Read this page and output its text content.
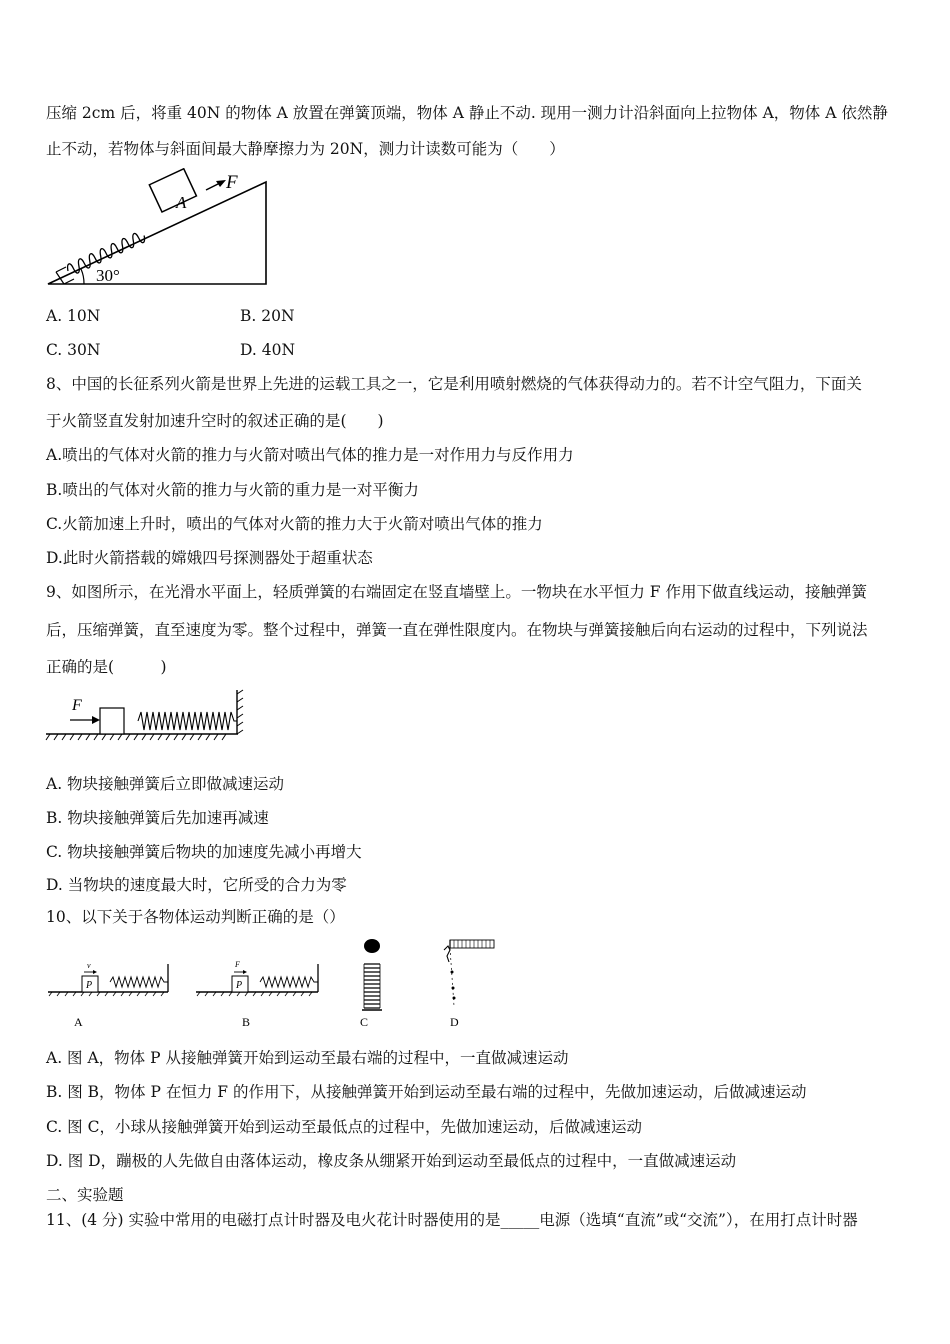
压缩 2cm 后，将重 40N 的物体 A 放置在弹簧顶端，物体 A 静止不动. 现用一测力计沿斜面向上拉物体 A，物体 A 依然静
止不动，若物体与斜面间最大静摩擦力为 20N，测力计读数可能为（　　）
A
F
30°
A. 10N	B. 20N
C. 30N	D. 40N
8、中国的长征系列火箭是世界上先进的运载工具之一，它是利用喷射燃烧的气体获得动力的。若不计空气阻力，下面关
于火箭竖直发射加速升空时的叙述正确的是(　　)
A.喷出的气体对火箭的推力与火箭对喷出气体的推力是一对作用力与反作用力
B.喷出的气体对火箭的推力与火箭的重力是一对平衡力
C.火箭加速上升时，喷出的气体对火箭的推力大于火箭对喷出气体的推力
D.此时火箭搭载的嫦娥四号探测器处于超重状态
9、如图所示，在光滑水平面上，轻质弹簧的右端固定在竖直墙壁上。一物块在水平恒力 F 作用下做直线运动，接触弹簧
后，压缩弹簧，直至速度为零。整个过程中，弹簧一直在弹性限度内。在物块与弹簧接触后向右运动的过程中，下列说法
正确的是(　　　)
F
A. 物块接触弹簧后立即做减速运动
B. 物块接触弹簧后先加速再减速
C. 物块接触弹簧后物块的加速度先减小再增大
D. 当物块的速度最大时，它所受的合力为零
10、以下关于各物体运动判断正确的是（）
P
v
A
P
F
B	C	D
A. 图 A，物体 P 从接触弹簧开始到运动至最右端的过程中，一直做减速运动
B. 图 B，物体 P 在恒力 F 的作用下，从接触弹簧开始到运动至最右端的过程中，先做加速运动，后做减速运动
C. 图 C，小球从接触弹簧开始到运动至最低点的过程中，先做加速运动，后做减速运动
D. 图 D，蹦极的人先做自由落体运动，橡皮条从绷紧开始到运动至最低点的过程中，一直做减速运动
二、实验题
11、(4 分) 实验中常用的电磁打点计时器及电火花计时器使用的是_____电源（选填“直流”或“交流”），在用打点计时器
